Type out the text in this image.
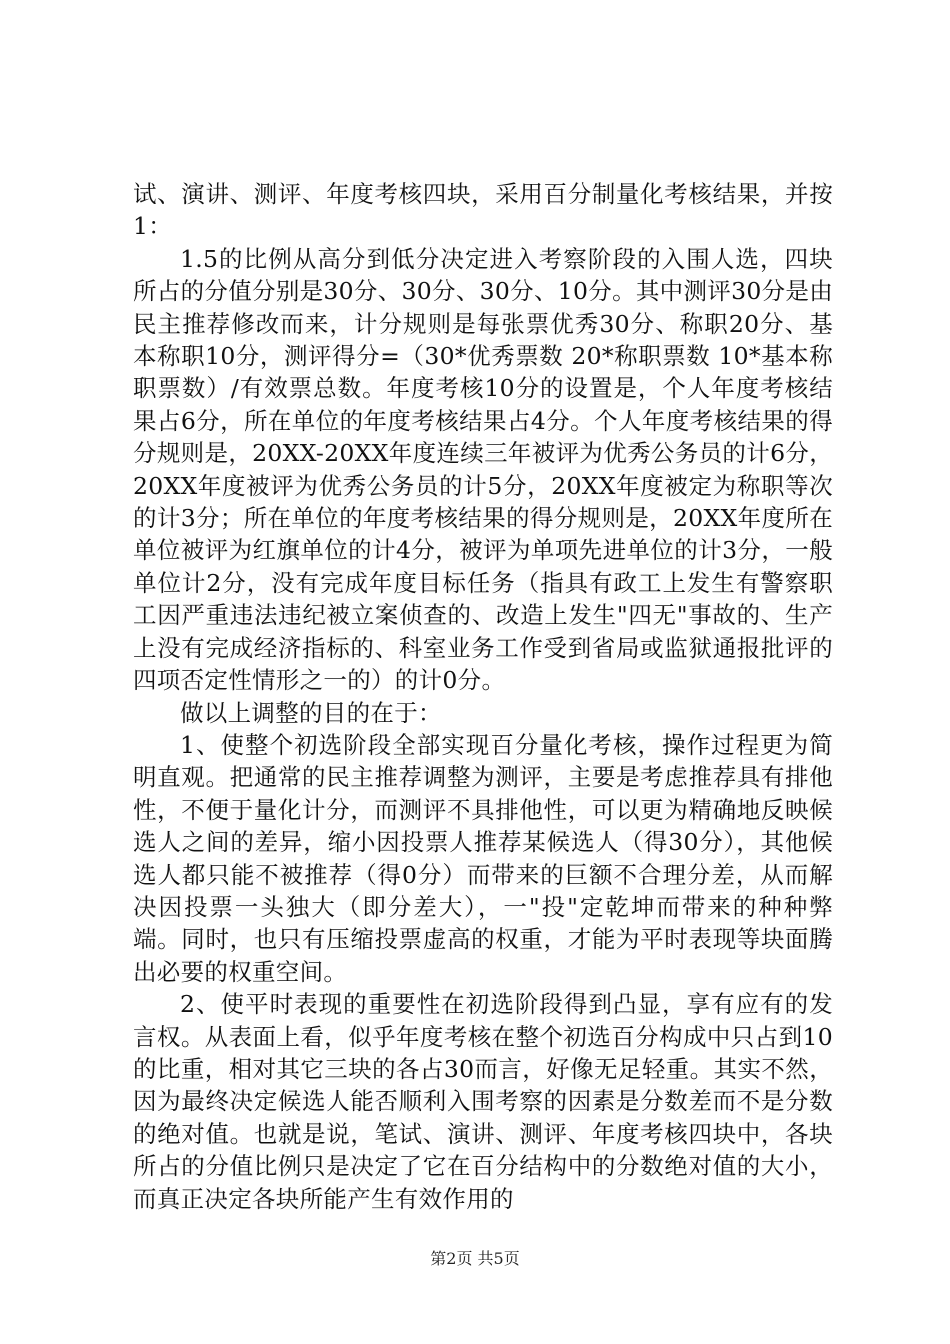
试、演讲、测评、年度考核四块，采用百分制量化考核结果，并按1：

1.5的比例从高分到低分决定进入考察阶段的入围人选，四块所占的分值分别是30分、30分、30分、10分。其中测评30分是由民主推荐修改而来，计分规则是每张票优秀30分、称职20分、基本称职10分，测评得分=（30*优秀票数 20*称职票数 10*基本称职票数）/有效票总数。年度考核10分的设置是，个人年度考核结果占6分，所在单位的年度考核结果占4分。个人年度考核结果的得分规则是，20XX-20XX年度连续三年被评为优秀公务员的计6分，20XX年度被评为优秀公务员的计5分，20XX年度被定为称职等次的计3分；所在单位的年度考核结果的得分规则是，20XX年度所在单位被评为红旗单位的计4分，被评为单项先进单位的计3分，一般单位计2分，没有完成年度目标任务（指具有政工上发生有警察职工因严重违法违纪被立案侦查的、改造上发生"四无"事故的、生产上没有完成经济指标的、科室业务工作受到省局或监狱通报批评的四项否定性情形之一的）的计0分。

做以上调整的目的在于：

1、使整个初选阶段全部实现百分量化考核，操作过程更为简明直观。把通常的民主推荐调整为测评，主要是考虑推荐具有排他性，不便于量化计分，而测评不具排他性，可以更为精确地反映候选人之间的差异，缩小因投票人推荐某候选人（得30分），其他候选人都只能不被推荐（得0分）而带来的巨额不合理分差，从而解决因投票一头独大（即分差大），一"投"定乾坤而带来的种种弊端。同时，也只有压缩投票虚高的权重，才能为平时表现等块面腾出必要的权重空间。

2、使平时表现的重要性在初选阶段得到凸显，享有应有的发言权。从表面上看，似乎年度考核在整个初选百分构成中只占到10的比重，相对其它三块的各占30而言，好像无足轻重。其实不然，因为最终决定候选人能否顺利入围考察的因素是分数差而不是分数的绝对值。也就是说，笔试、演讲、测评、年度考核四块中，各块所占的分值比例只是决定了它在百分结构中的分数绝对值的大小，而真正决定各块所能产生有效作用的

第2页 共5页
